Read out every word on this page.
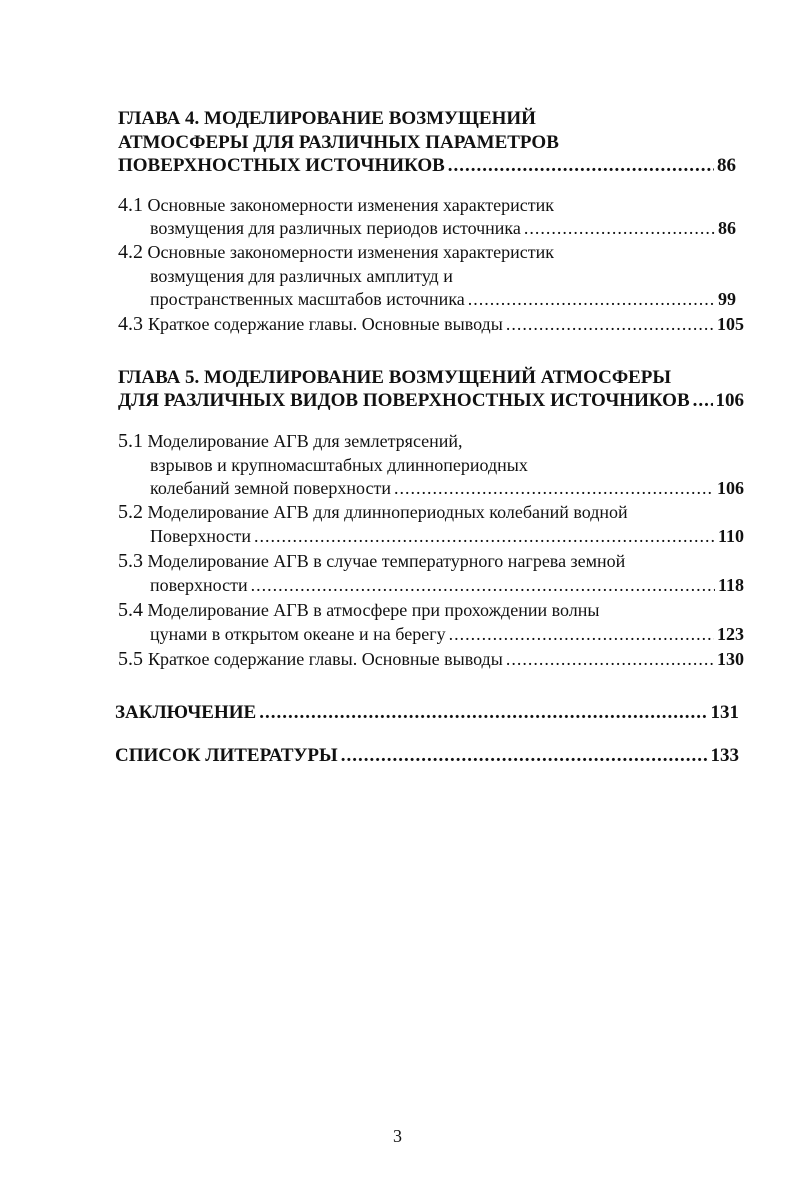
ГЛАВА 4. МОДЕЛИРОВАНИЕ ВОЗМУЩЕНИЙ
АТМОСФЕРЫ ДЛЯ РАЗЛИЧНЫХ ПАРАМЕТРОВ
ПОВЕРХНОСТНЫХ ИСТОЧНИКОВ .....	86
4.1 Основные закономерности изменения характеристик
возмущения для различных периодов источника .....	86
4.2 Основные закономерности изменения характеристик
возмущения для различных амплитуд и
пространственных масштабов источника .....	99
4.3 Краткое содержание главы. Основные выводы .....	105
ГЛАВА 5. МОДЕЛИРОВАНИЕ ВОЗМУЩЕНИЙ АТМОСФЕРЫ
ДЛЯ РАЗЛИЧНЫХ ВИДОВ ПОВЕРХНОСТНЫХ ИСТОЧНИКОВ ..... 106
5.1 Моделирование АГВ для землетрясений,
взрывов и крупномасштабных длиннопериодных
колебаний земной поверхности .....	106
5.2 Моделирование АГВ для длиннопериодных колебаний водной
Поверхности .....	110
5.3 Моделирование АГВ в случае температурного нагрева земной
поверхности .....	118
5.4 Моделирование АГВ в атмосфере при прохождении волны
цунами в открытом океане и на берегу .....	123
5.5 Краткое содержание главы. Основные выводы .....	130
ЗАКЛЮЧЕНИЕ .....	131
СПИСОК ЛИТЕРАТУРЫ .....	133
3
